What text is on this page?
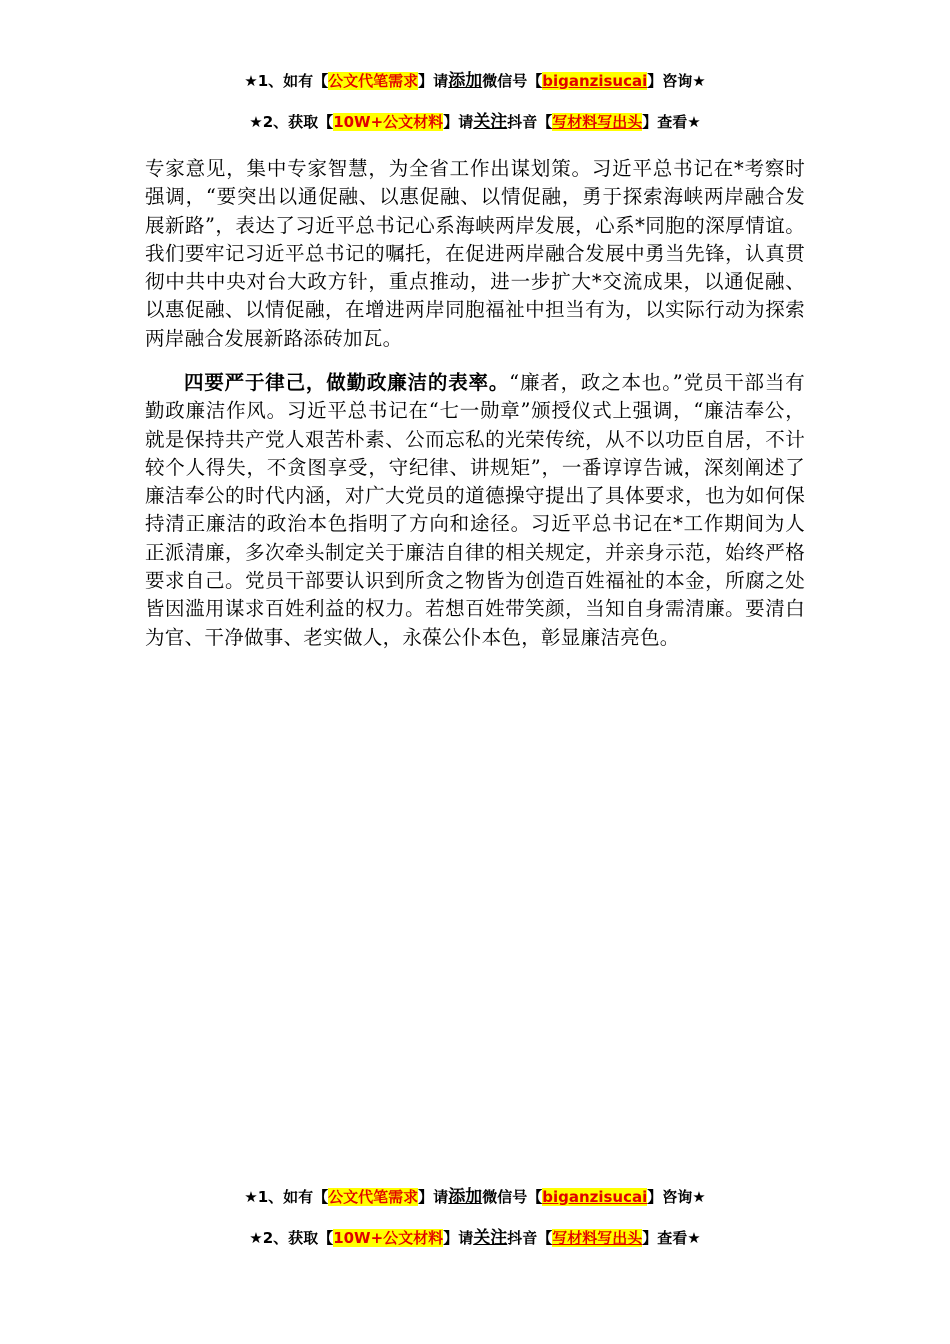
★1、如有【公文代笔需求】请添加微信号【biganzisucai】咨询★
★2、获取【10W+公文材料】请关注抖音【写材料写出头】查看★
专家意见，集中专家智慧，为全省工作出谋划策。习近平总书记在*考察时强调，“要突出以通促融、以惠促融、以情促融，勇于探索海峡两岸融合发展新路”，表达了习近平总书记心系海峡两岸发展，心系*同胞的深厚情谊。我们要牢记习近平总书记的嘱托，在促进两岸融合发展中勇当先锋，认真贯彻中共中央对台大政方针，重点推动，进一步扩大*交流成果，以通促融、以惠促融、以情促融，在增进两岸同胞福祉中担当有为，以实际行动为探索两岸融合发展新路添砖加瓦。
四要严于律己，做勤政廉洁的表率。“廉者，政之本也。”党员干部当有勤政廉洁作风。习近平总书记在“七一勋章”颁授仪式上强调，“廉洁奉公，就是保持共产党人艰苦朴素、公而忘私的光荣传统，从不以功臣自居，不计较个人得失，不贪图享受，守纪律、讲规矩”，一番谆谆告诫，深刻阐述了廉洁奉公的时代内涵，对广大党员的道德操守提出了具体要求，也为如何保持清正廉洁的政治本色指明了方向和途径。习近平总书记在*工作期间为人正派清廉，多次牵头制定关于廉洁自律的相关规定，并亲身示范，始终严格要求自己。党员干部要认识到所贪之物皆为创造百姓福祉的本金，所腐之处皆因滥用谋求百姓利益的权力。若想百姓带笑颜，当知自身需清廉。要清白为官、干净做事、老实做人，永葆公仆本色，彰显廉洁亮色。
★1、如有【公文代笔需求】请添加微信号【biganzisucai】咨询★
★2、获取【10W+公文材料】请关注抖音【写材料写出头】查看★
